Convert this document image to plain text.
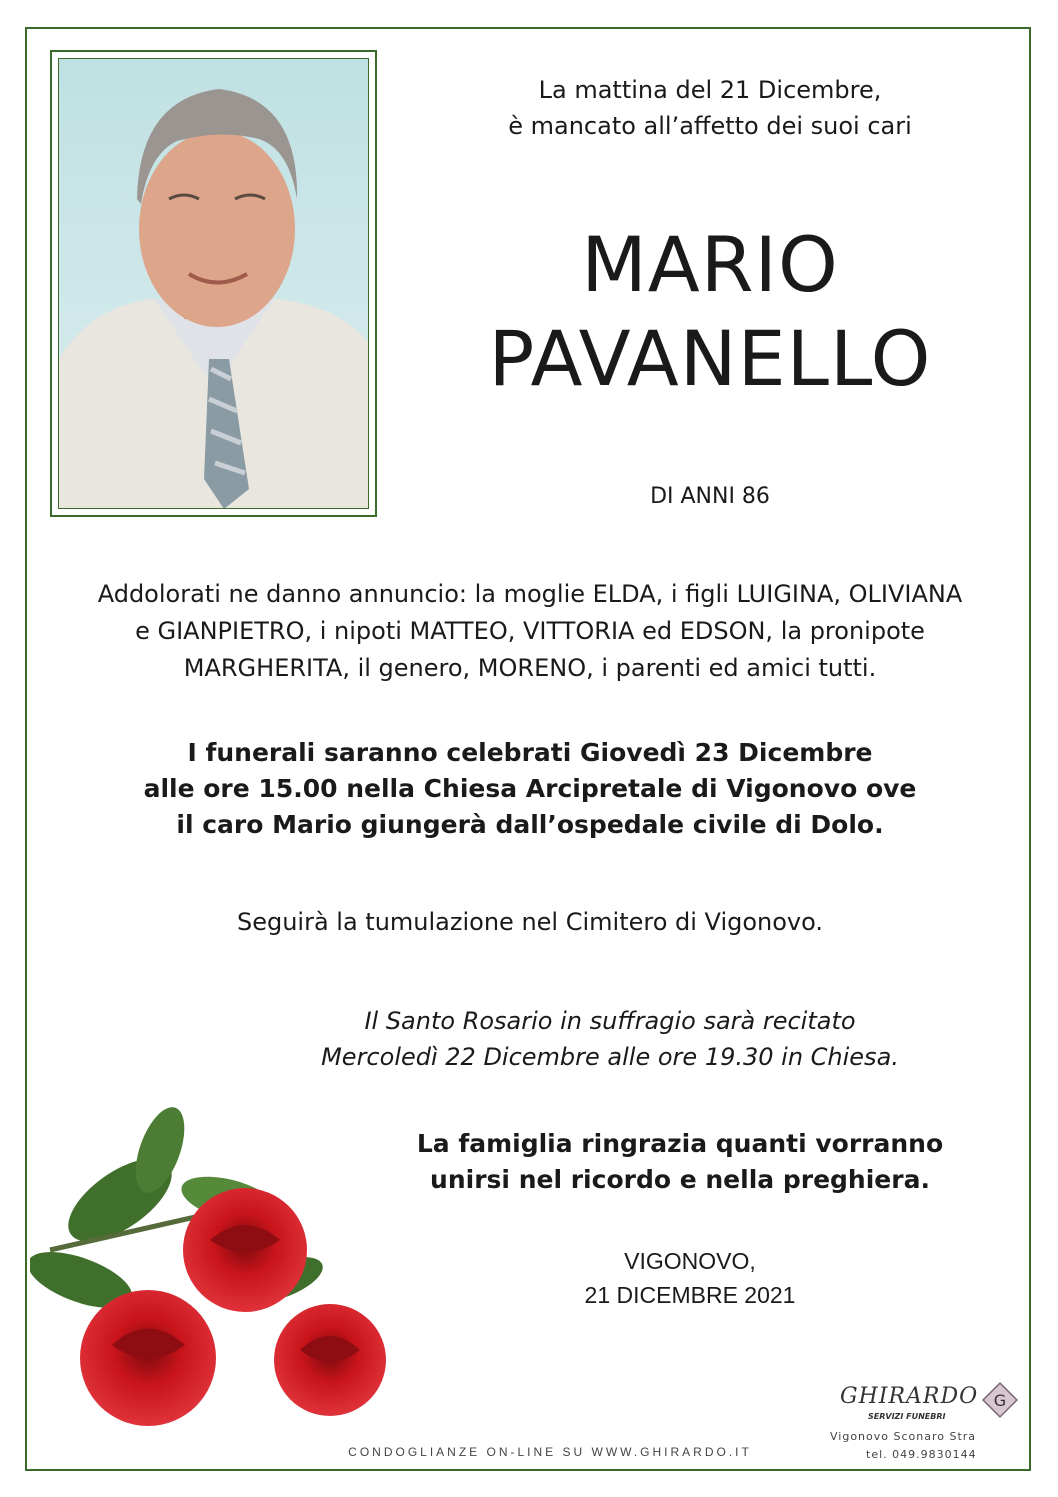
La mattina del 21 Dicembre,
è mancato all’affetto dei suoi cari
MARIO
PAVANELLO
DI ANNI 86
Addolorati ne danno annuncio: la moglie ELDA, i figli LUIGINA, OLIVIANA
e GIANPIETRO, i nipoti MATTEO, VITTORIA ed EDSON, la pronipote
MARGHERITA, il genero, MORENO, i parenti ed amici tutti.
I funerali saranno celebrati Giovedì 23 Dicembre
alle ore 15.00 nella Chiesa Arcipretale di Vigonovo ove
il caro Mario giungerà dall’ospedale civile di Dolo.
Seguirà la tumulazione nel Cimitero di Vigonovo.
Il Santo Rosario in suffragio sarà recitato
Mercoledì 22 Dicembre alle ore 19.30 in Chiesa.
La famiglia ringrazia quanti vorranno
unirsi nel ricordo e nella preghiera.
VIGONOVO,
21 DICEMBRE 2021
CONDOGLIANZE ON-LINE SU WWW.GHIRARDO.IT
GHIRARDO
SERVIZI FUNEBRI
G
Vigonovo Sconaro Stra
tel. 049.9830144
